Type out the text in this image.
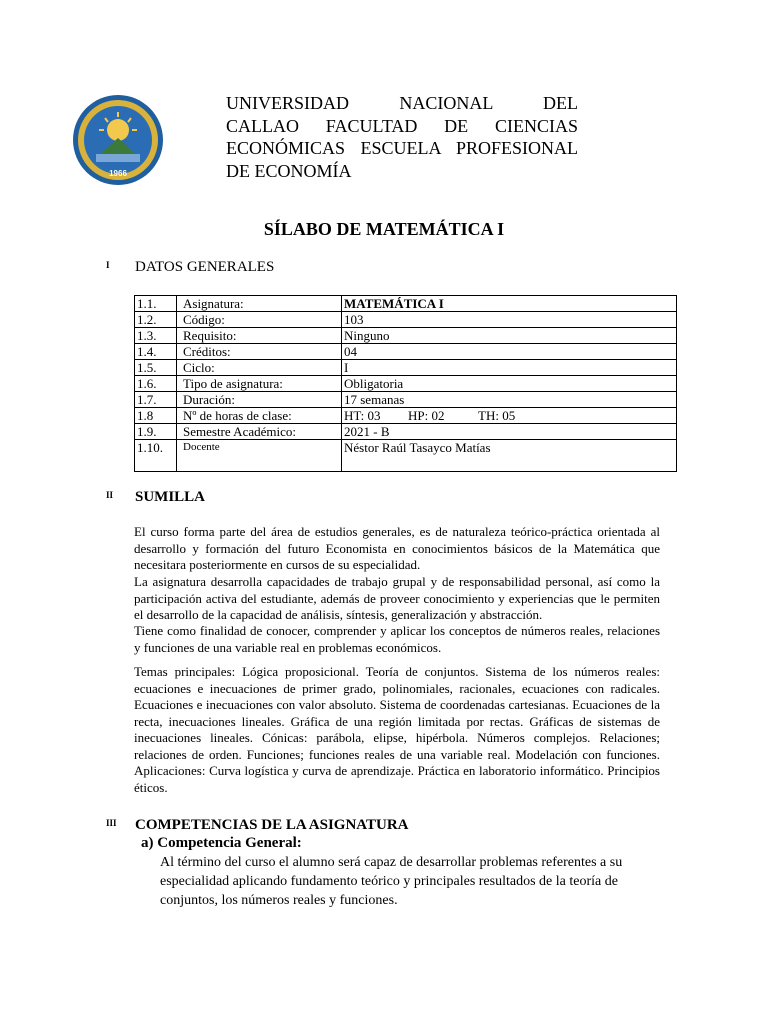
1966
UNIVERSIDAD NACIONAL DEL
CALLAO FACULTAD DE CIENCIAS
ECONÓMICAS ESCUELA PROFESIONAL
DE ECONOMÍA
SÍLABO DE MATEMÁTICA I
I DATOS GENERALES
1.1.	Asignatura:	MATEMÁTICA I
1.2.	Código:	103
1.3.	Requisito:	Ninguno
1.4.	Créditos:	04
1.5.	Ciclo:	I
1.6.	Tipo de asignatura:	Obligatoria
1.7.	Duración:	17 semanas
1.8	Nº de horas de clase:	HT: 03 HP: 02 TH: 05
1.9.	Semestre Académico:	2021 - B
1.10.	Docente	Néstor Raúl Tasayco Matías
II SUMILLA
El curso forma parte del área de estudios generales, es de naturaleza teórico-práctica orientada al desarrollo y formación del futuro Economista en conocimientos básicos de la Matemática que necesitara posteriormente en cursos de su especialidad.
La asignatura desarrolla capacidades de trabajo grupal y de responsabilidad personal, así como la participación activa del estudiante, además de proveer conocimiento y experiencias que le permiten el desarrollo de la capacidad de análisis, síntesis, generalización y abstracción.
Tiene como finalidad de conocer, comprender y aplicar los conceptos de números reales, relaciones y funciones de una variable real en problemas económicos.
Temas principales: Lógica proposicional. Teoría de conjuntos. Sistema de los números reales: ecuaciones e inecuaciones de primer grado, polinomiales, racionales, ecuaciones con radicales. Ecuaciones e inecuaciones con valor absoluto. Sistema de coordenadas cartesianas. Ecuaciones de la recta, inecuaciones lineales. Gráfica de una región limitada por rectas. Gráficas de sistemas de inecuaciones lineales. Cónicas: parábola, elipse, hipérbola. Números complejos. Relaciones; relaciones de orden. Funciones; funciones reales de una variable real. Modelación con funciones. Aplicaciones: Curva logística y curva de aprendizaje. Práctica en laboratorio informático. Principios éticos.
III COMPETENCIAS DE LA ASIGNATURA
a) Competencia General:
Al término del curso el alumno será capaz de desarrollar problemas referentes a su especialidad aplicando fundamento teórico y principales resultados de la teoría de conjuntos, los números reales y funciones.
